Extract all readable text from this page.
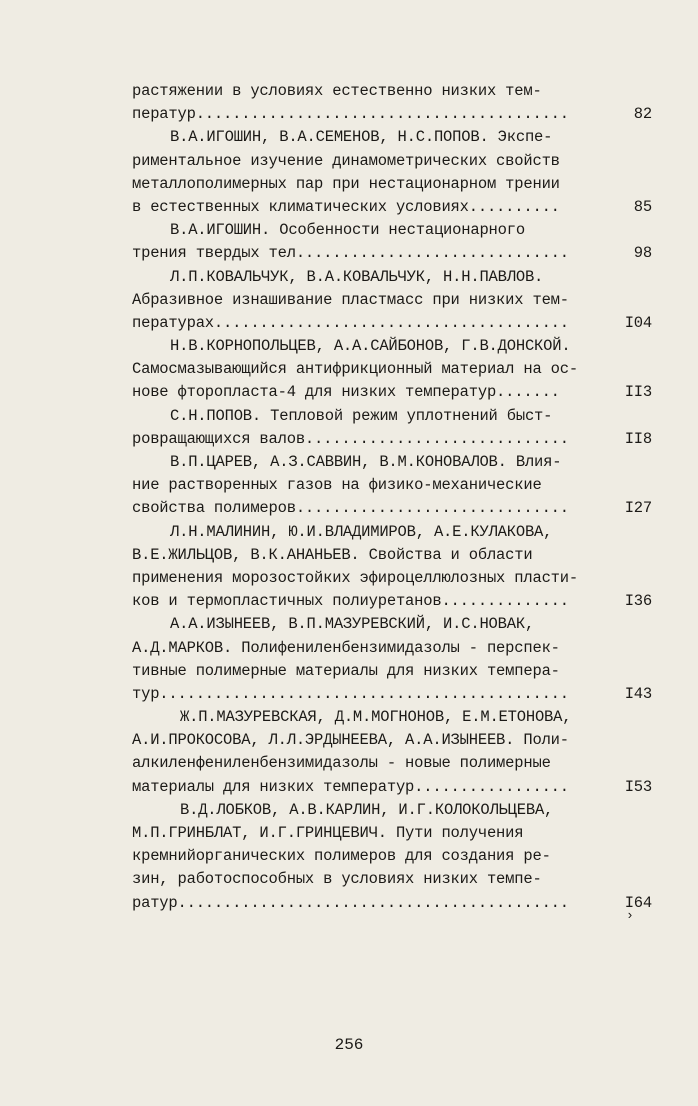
растяжении в условиях естественно низких тем-
ператур.........................................	82
В.А.ИГОШИН, В.А.СЕМЕНОВ, Н.С.ПОПОВ. Экспе-
риментальное изучение динамометрических свойств
металлополимерных пар при нестационарном трении
в естественных климатических условиях..........	85
В.А.ИГОШИН. Особенности нестационарного
трения твердых тел..............................	98
Л.П.КОВАЛЬЧУК, В.А.КОВАЛЬЧУК, Н.Н.ПАВЛОВ.
Абразивное изнашивание пластмасс при низких тем-
пературах.......................................	I04
Н.В.КОРНОПОЛЬЦЕВ, А.А.САЙБОНОВ, Г.В.ДОНСКОЙ.
Самосмазывающийся антифрикционный материал на ос-
нове фторопласта-4 для низких температур.......	II3
С.Н.ПОПОВ. Тепловой режим уплотнений быст-
ровращающихся валов.............................	II8
В.П.ЦАРЕВ, А.З.САВВИН, В.М.КОНОВАЛОВ. Влия-
ние растворенных газов на физико-механические
свойства полимеров..............................	I27
Л.Н.МАЛИНИН, Ю.И.ВЛАДИМИРОВ, А.Е.КУЛАКОВА,
В.Е.ЖИЛЬЦОВ, В.К.АНАНЬЕВ. Свойства и области
применения морозостойких эфироцеллюлозных пласти-
ков и термопластичных полиуретанов..............	I36
А.А.ИЗЫНЕЕВ, В.П.МАЗУРЕВСКИЙ, И.С.НОВАК,
А.Д.МАРКОВ. Полифениленбензимидазолы - перспек-
тивные полимерные материалы для низких темпера-
тур.............................................	I43
Ж.П.МАЗУРЕВСКАЯ, Д.М.МОГНОНОВ, Е.М.ЕТОНОВА,
А.И.ПРОКОСОВА, Л.Л.ЭРДЫНЕЕВА, А.А.ИЗЫНЕЕВ. Поли-
алкиленфениленбензимидазолы - новые полимерные
материалы для низких температур.................	I53
В.Д.ЛОБКОВ, А.В.КАРЛИН, И.Г.КОЛОКОЛЬЦЕВА,
М.П.ГРИНБЛАТ, И.Г.ГРИНЦЕВИЧ. Пути получения
кремнийорганических полимеров для создания ре-
зин, работоспособных в условиях низких темпе-
ратур...........................................	I64
›
256
